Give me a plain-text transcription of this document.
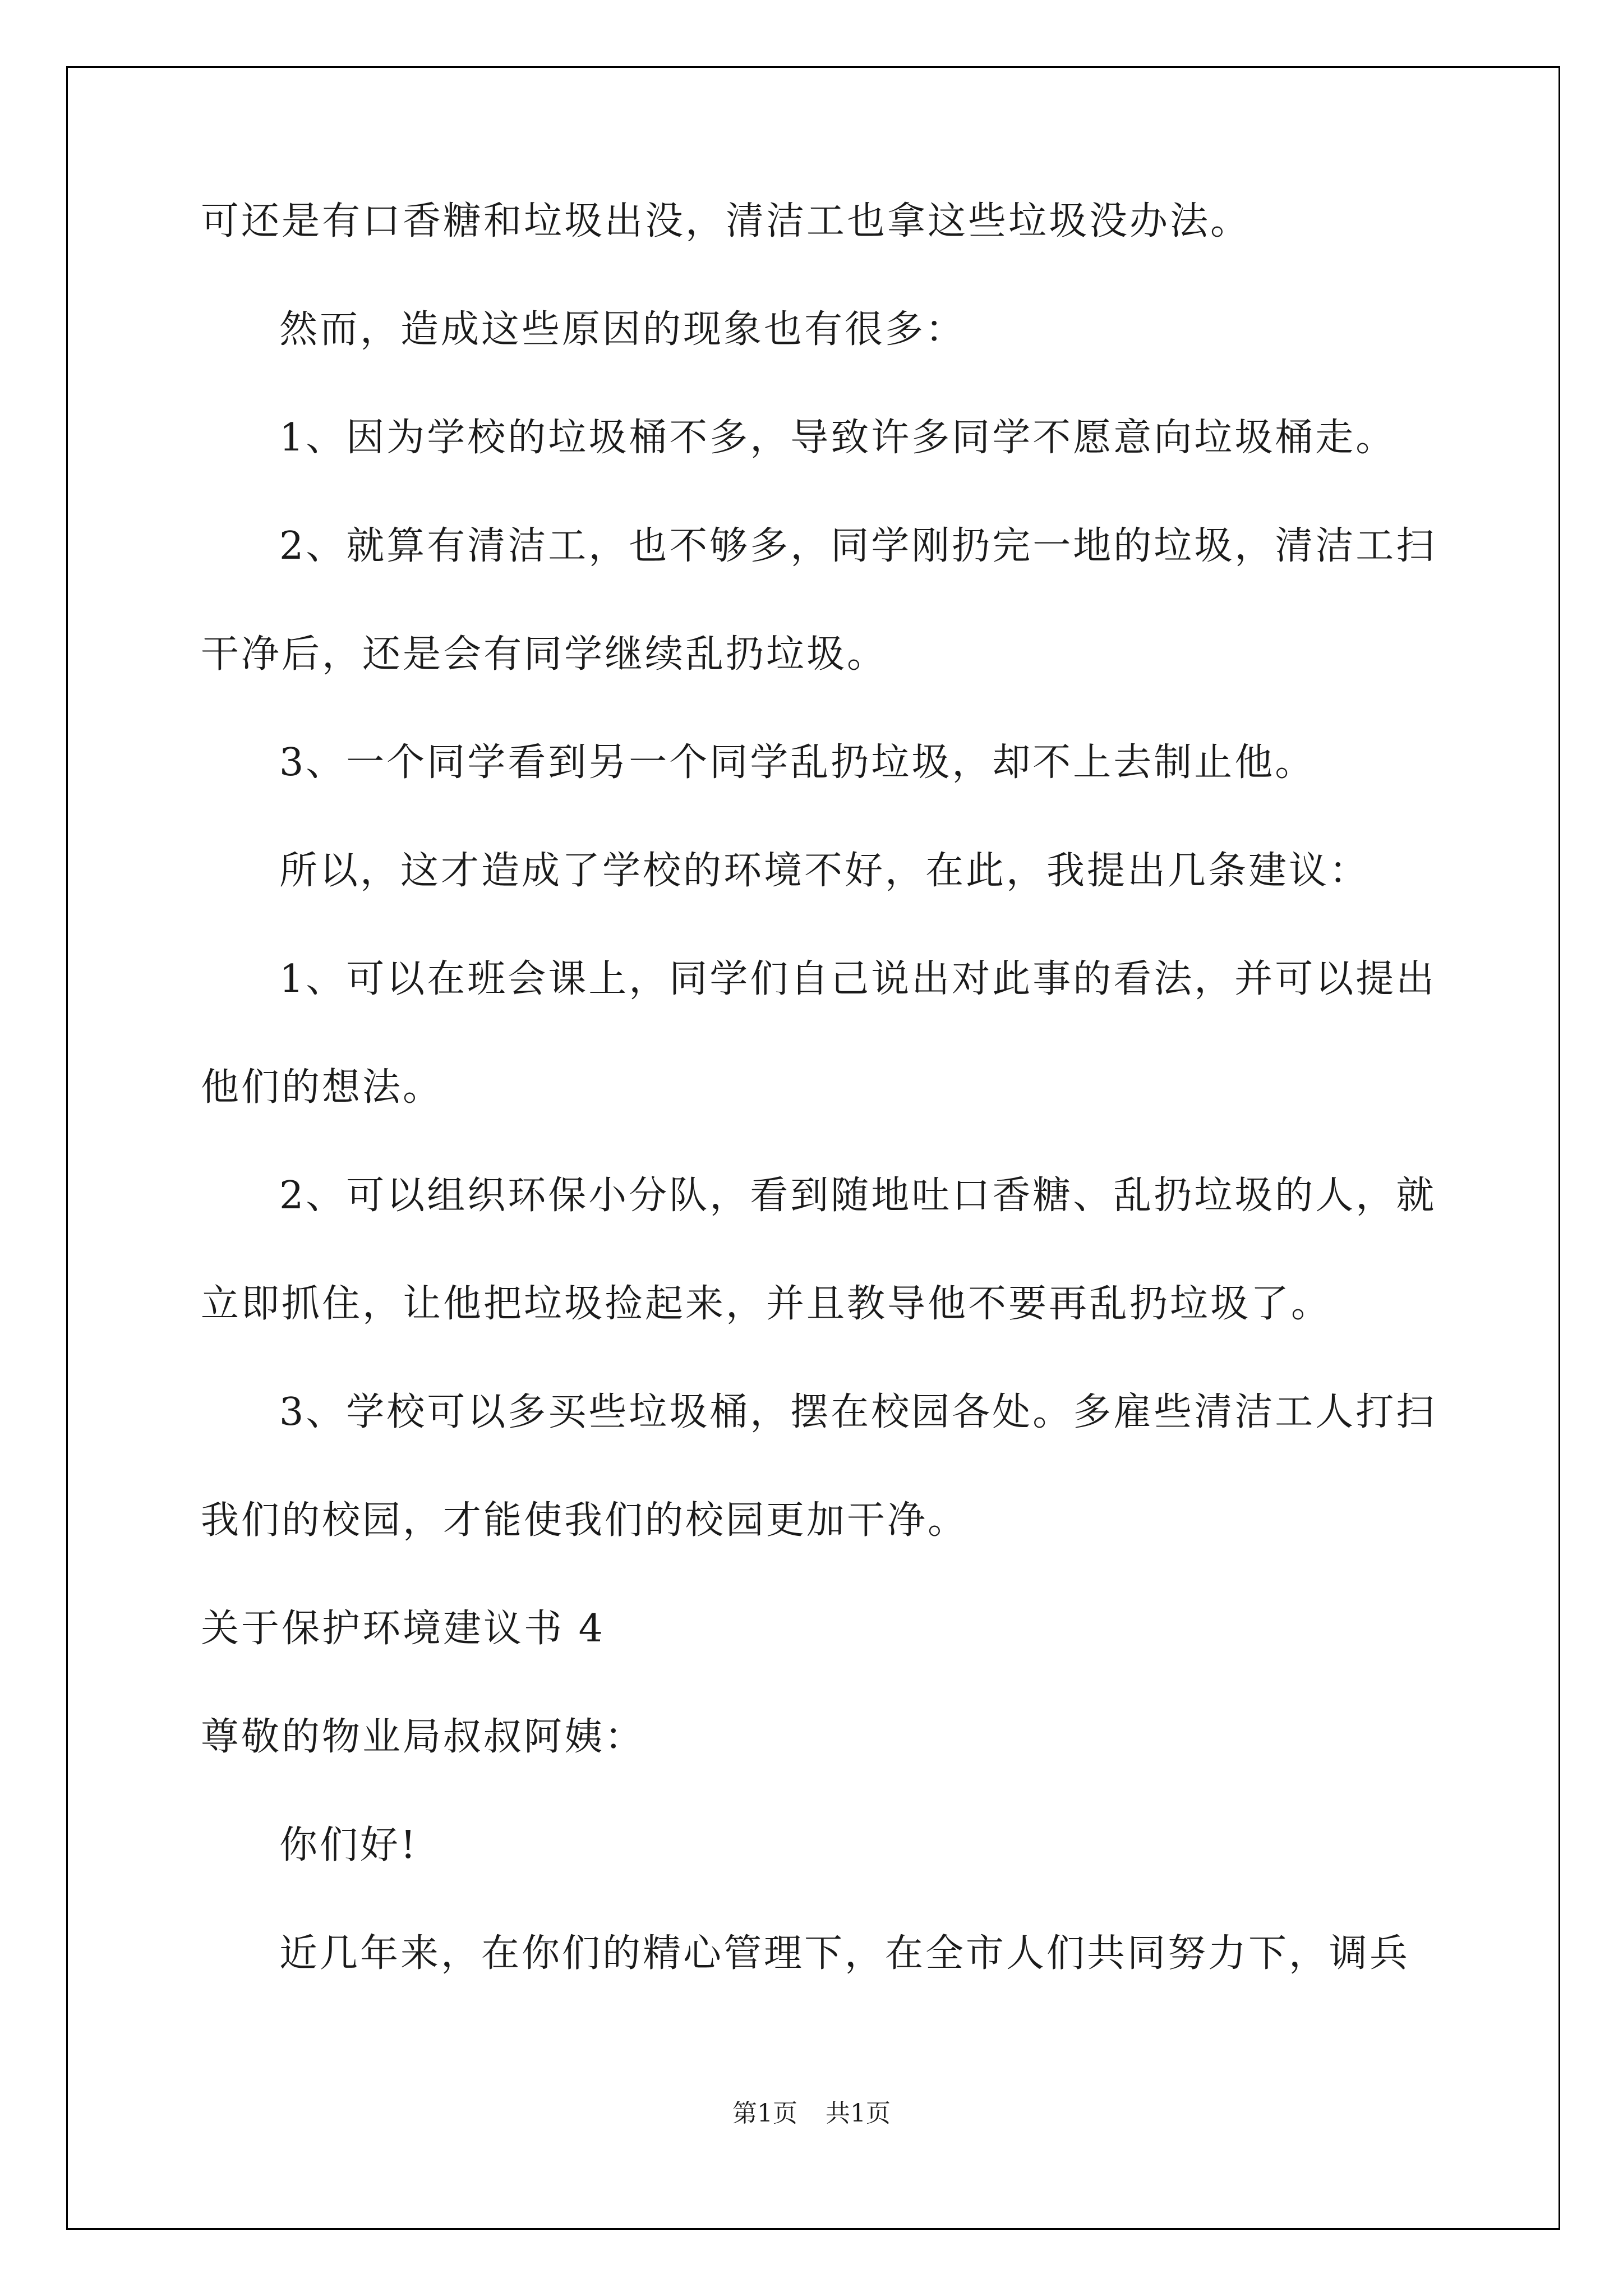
可还是有口香糖和垃圾出没，清洁工也拿这些垃圾没办法。
然而，造成这些原因的现象也有很多：
1、因为学校的垃圾桶不多，导致许多同学不愿意向垃圾桶走。
2、就算有清洁工，也不够多，同学刚扔完一地的垃圾，清洁工扫
干净后，还是会有同学继续乱扔垃圾。
3、一个同学看到另一个同学乱扔垃圾，却不上去制止他。
所以，这才造成了学校的环境不好，在此，我提出几条建议：
1、可以在班会课上，同学们自己说出对此事的看法，并可以提出
他们的想法。
2、可以组织环保小分队，看到随地吐口香糖、乱扔垃圾的人，就
立即抓住，让他把垃圾捡起来，并且教导他不要再乱扔垃圾了。
3、学校可以多买些垃圾桶，摆在校园各处。多雇些清洁工人打扫
我们的校园，才能使我们的校园更加干净。
关于保护环境建议书 4
尊敬的物业局叔叔阿姨：
你们好!
近几年来，在你们的精心管理下，在全市人们共同努力下，调兵
第1页 共1页
